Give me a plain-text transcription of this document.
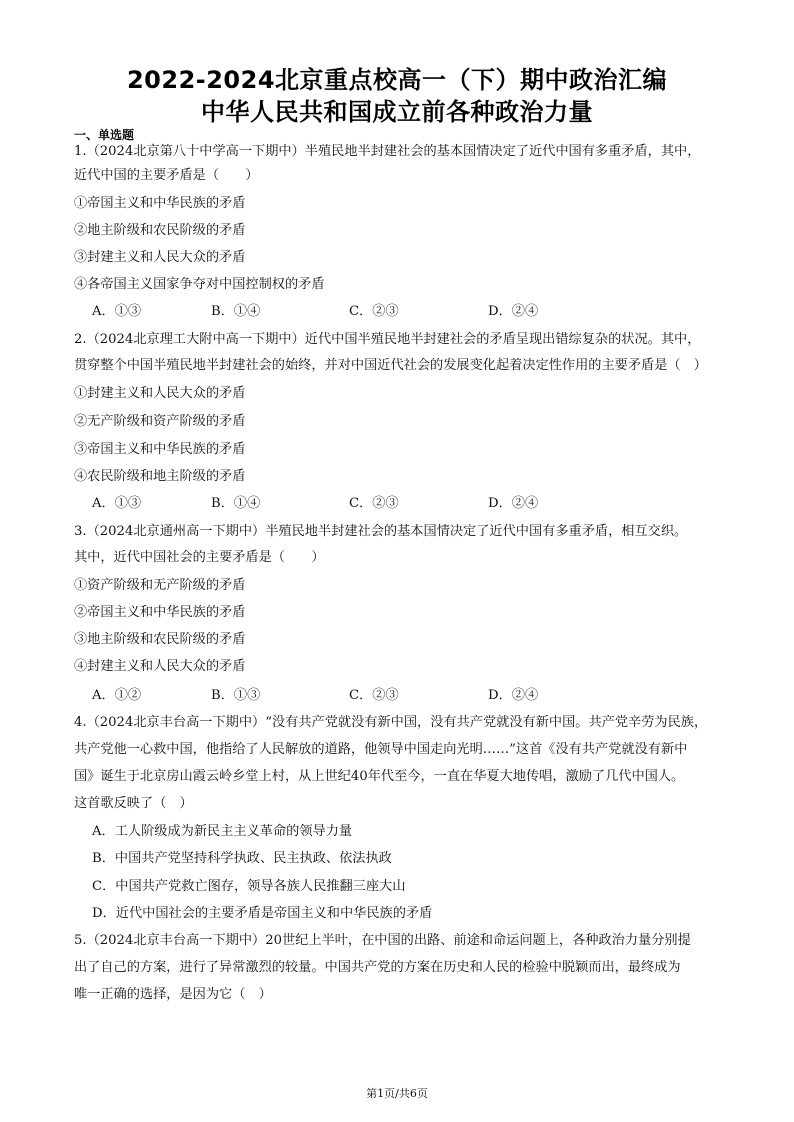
2022-2024北京重点校高一（下）期中政治汇编
中华人民共和国成立前各种政治力量
一、单选题
1.（2024北京第八十中学高一下期中）半殖民地半封建社会的基本国情决定了近代中国有多重矛盾，其中，
近代中国的主要矛盾是（　　）
①帝国主义和中华民族的矛盾
②地主阶级和农民阶级的矛盾
③封建主义和人民大众的矛盾
④各帝国主义国家争夺对中国控制权的矛盾
A．①③	B．①④	C．②③	D．②④
2.（2024北京理工大附中高一下期中）近代中国半殖民地半封建社会的矛盾呈现出错综复杂的状况。其中，
贯穿整个中国半殖民地半封建社会的始终，并对中国近代社会的发展变化起着决定性作用的主要矛盾是（　）
①封建主义和人民大众的矛盾
②无产阶级和资产阶级的矛盾
③帝国主义和中华民族的矛盾
④农民阶级和地主阶级的矛盾
A．①③	B．①④	C．②③	D．②④
3.（2024北京通州高一下期中）半殖民地半封建社会的基本国情决定了近代中国有多重矛盾，相互交织。
其中，近代中国社会的主要矛盾是（　　）
①资产阶级和无产阶级的矛盾
②帝国主义和中华民族的矛盾
③地主阶级和农民阶级的矛盾
④封建主义和人民大众的矛盾
A．①②	B．①③	C．②③	D．②④
4.（2024北京丰台高一下期中）“没有共产党就没有新中国，没有共产党就没有新中国。共产党辛劳为民族，
共产党他一心救中国，他指给了人民解放的道路，他领导中国走向光明……”这首《没有共产党就没有新中
国》诞生于北京房山霞云岭乡堂上村，从上世纪40年代至今，一直在华夏大地传唱，激励了几代中国人。
这首歌反映了（　）
A．工人阶级成为新民主主义革命的领导力量
B．中国共产党坚持科学执政、民主执政、依法执政
C．中国共产党救亡图存，领导各族人民推翻三座大山
D．近代中国社会的主要矛盾是帝国主义和中华民族的矛盾
5.（2024北京丰台高一下期中）20世纪上半叶，在中国的出路、前途和命运问题上，各种政治力量分别提
出了自己的方案，进行了异常激烈的较量。中国共产党的方案在历史和人民的检验中脱颖而出，最终成为
唯一正确的选择，是因为它（　）
第1页/共6页
